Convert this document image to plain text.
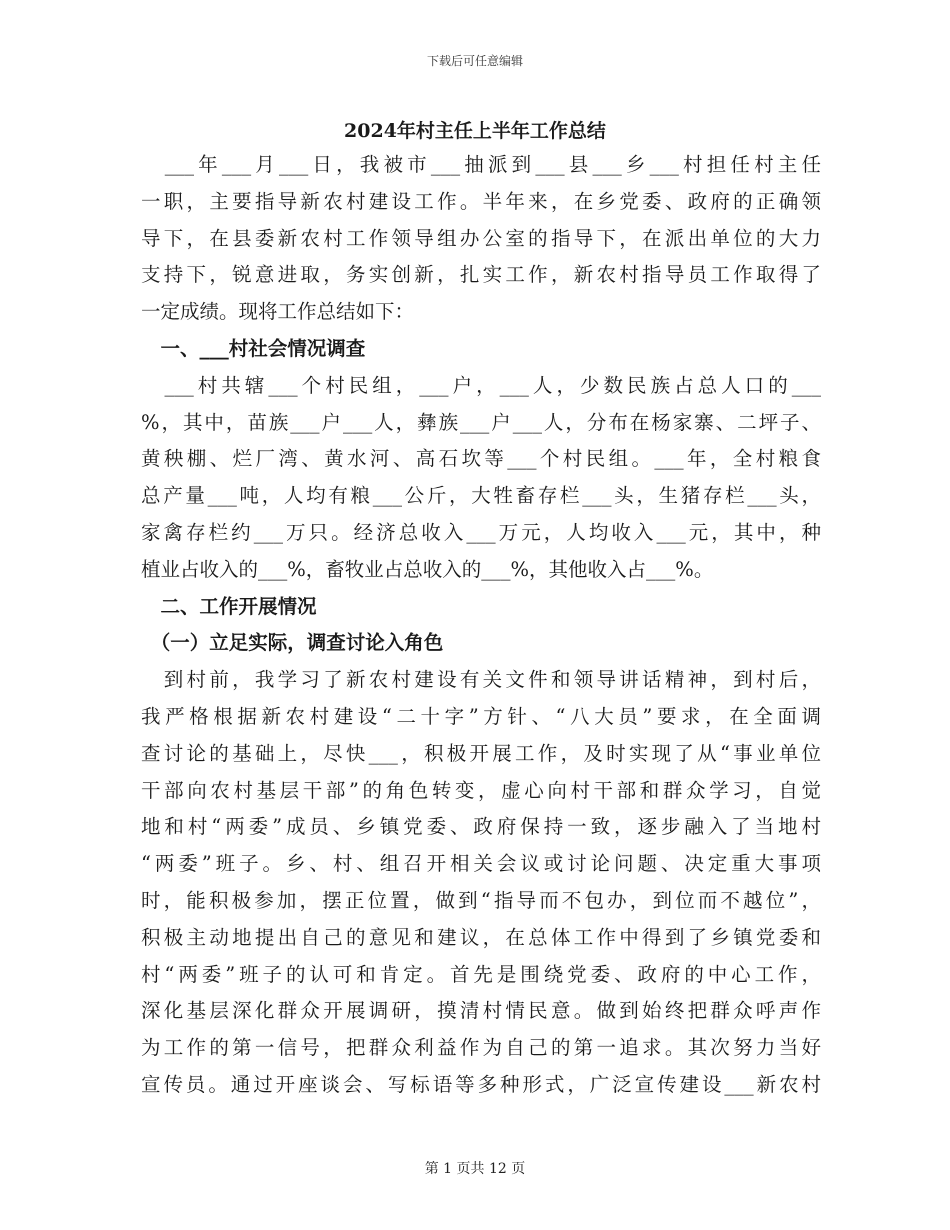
下载后可任意编辑
2024年村主任上半年工作总结
　___年___月___日，我被市___抽派到___县___乡___村担任村主任
一职，主要指导新农村建设工作。半年来，在乡党委、政府的正确领
导下，在县委新农村工作领导组办公室的指导下，在派出单位的大力
支持下，锐意进取，务实创新，扎实工作，新农村指导员工作取得了
一定成绩。现将工作总结如下：
　一、___村社会情况调查
　___村共辖___个村民组，___户，___人，少数民族占总人口的___
%，其中，苗族___户___人，彝族___户___人，分布在杨家寨、二坪子、
黄秧棚、烂厂湾、黄水河、高石坎等___个村民组。___年，全村粮食
总产量___吨，人均有粮___公斤，大牲畜存栏___头，生猪存栏___头，
家禽存栏约___万只。经济总收入___万元，人均收入___元，其中，种
植业占收入的___%，畜牧业占总收入的___%，其他收入占___%。
　二、工作开展情况
　（一）立足实际，调查讨论入角色
　到村前，我学习了新农村建设有关文件和领导讲话精神，到村后，
我严格根据新农村建设“二十字”方针、“八大员”要求，在全面调
查讨论的基础上，尽快___，积极开展工作，及时实现了从“事业单位
干部向农村基层干部”的角色转变，虚心向村干部和群众学习，自觉
地和村“两委”成员、乡镇党委、政府保持一致，逐步融入了当地村
“两委”班子。乡、村、组召开相关会议或讨论问题、决定重大事项
时，能积极参加，摆正位置，做到“指导而不包办，到位而不越位”，
积极主动地提出自己的意见和建议，在总体工作中得到了乡镇党委和
村“两委”班子的认可和肯定。首先是围绕党委、政府的中心工作，
深化基层深化群众开展调研，摸清村情民意。做到始终把群众呼声作
为工作的第一信号，把群众利益作为自己的第一追求。其次努力当好
宣传员。通过开座谈会、写标语等多种形式，广泛宣传建设___新农村
第 1 页共 12 页
